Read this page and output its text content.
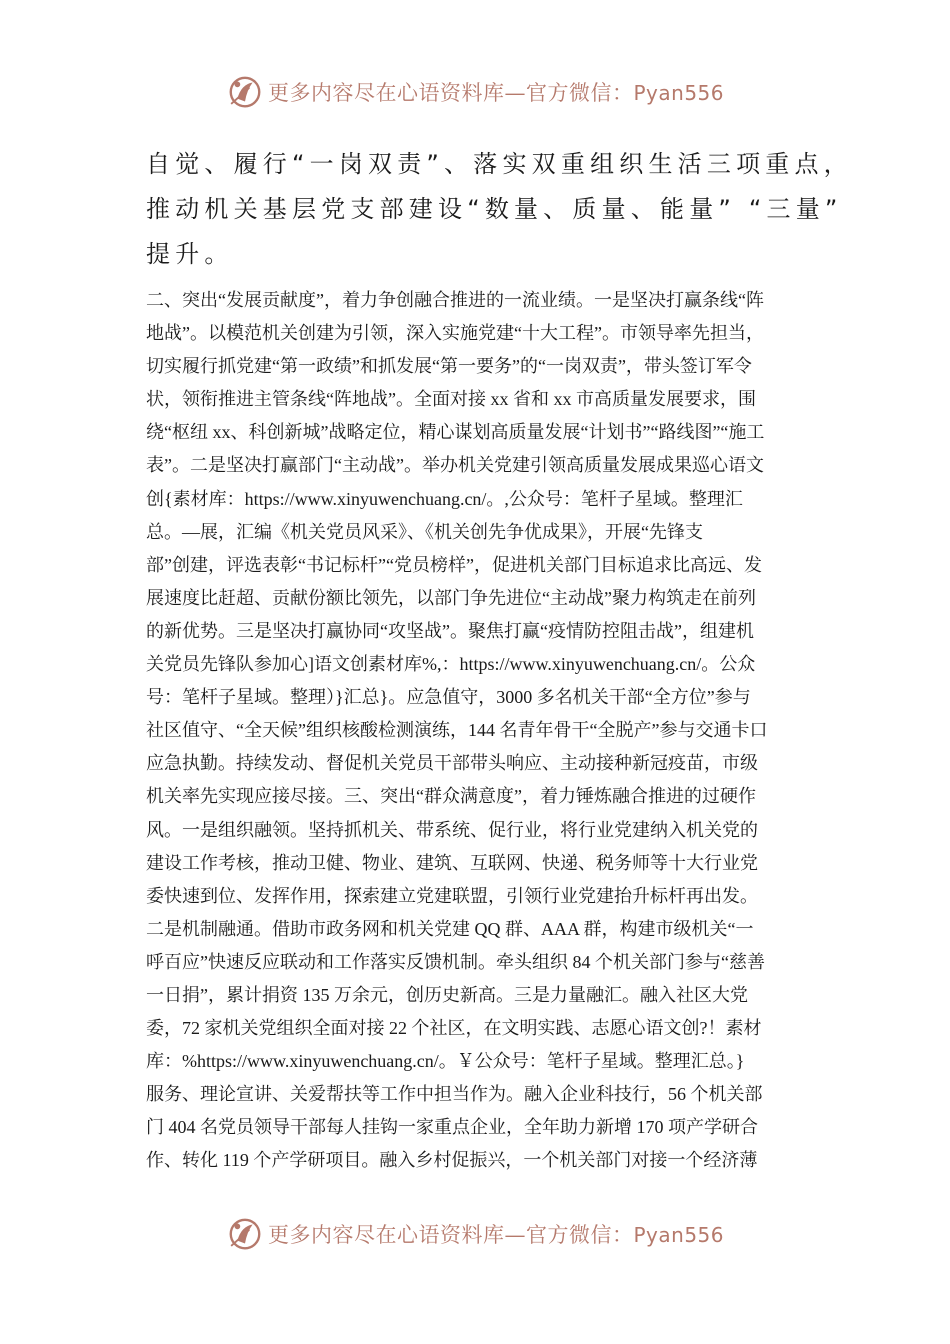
更多内容尽在心语资料库—官方微信：Pyan556
自觉、履行“一岗双责”、落实双重组织生活三项重点，
推动机关基层党支部建设“数量、质量、能量” “三量”
提升。
二、突出“发展贡献度”，着力争创融合推进的一流业绩。一是坚决打赢条线“阵
地战”。以模范机关创建为引领，深入实施党建“十大工程”。市领导率先担当，
切实履行抓党建“第一政绩”和抓发展“第一要务”的“一岗双责”，带头签订军令
状，领衔推进主管条线“阵地战”。全面对接 xx 省和 xx 市高质量发展要求，围
绕“枢纽 xx、科创新城”战略定位，精心谋划高质量发展“计划书”“路线图”“施工
表”。二是坚决打赢部门“主动战”。举办机关党建引领高质量发展成果巡心语文
创{素材库：https://www.xinyuwenchuang.cn/。,公众号：笔杆子星域。整理汇
总。—展，汇编《机关党员风采》、《机关创先争优成果》，开展“先锋支
部”创建，评选表彰“书记标杆”“党员榜样”，促进机关部门目标追求比高远、发
展速度比赶超、贡献份额比领先，以部门争先进位“主动战”聚力构筑走在前列
的新优势。三是坚决打赢协同“攻坚战”。聚焦打赢“疫情防控阻击战”，组建机
关党员先锋队参加心]语文创素材库%,：https://www.xinyuwenchuang.cn/。公众
号：笔杆子星域。整理）}汇总}。应急值守，3000 多名机关干部“全方位”参与
社区值守、“全天候”组织核酸检测演练，144 名青年骨干“全脱产”参与交通卡口
应急执勤。持续发动、督促机关党员干部带头响应、主动接种新冠疫苗，市级
机关率先实现应接尽接。三、突出“群众满意度”，着力锤炼融合推进的过硬作
风。一是组织融领。坚持抓机关、带系统、促行业，将行业党建纳入机关党的
建设工作考核，推动卫健、物业、建筑、互联网、快递、税务师等十大行业党
委快速到位、发挥作用，探索建立党建联盟，引领行业党建抬升标杆再出发。
二是机制融通。借助市政务网和机关党建 QQ 群、AAA 群，构建市级机关“一
呼百应”快速反应联动和工作落实反馈机制。牵头组织 84 个机关部门参与“慈善
一日捐”，累计捐资 135 万余元，创历史新高。三是力量融汇。融入社区大党
委，72 家机关党组织全面对接 22 个社区，在文明实践、志愿心语文创?！素材
库：%https://www.xinyuwenchuang.cn/。￥公众号：笔杆子星域。整理汇总。}
服务、理论宣讲、关爱帮扶等工作中担当作为。融入企业科技行，56 个机关部
门 404 名党员领导干部每人挂钩一家重点企业，全年助力新增 170 项产学研合
作、转化 119 个产学研项目。融入乡村促振兴，一个机关部门对接一个经济薄
更多内容尽在心语资料库—官方微信：Pyan556
